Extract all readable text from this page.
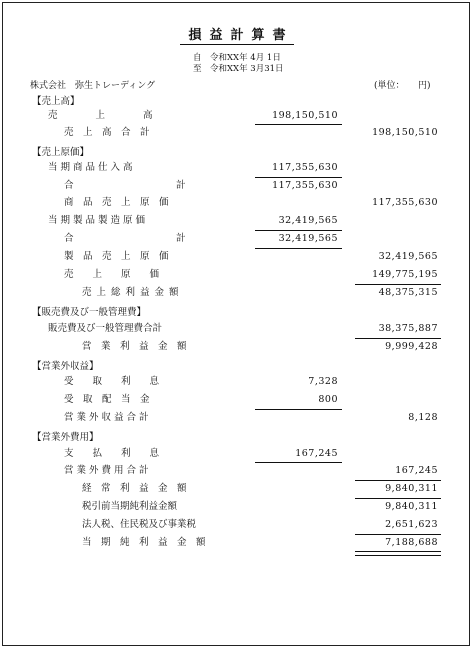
損益計算書
自　令和XX年 4月 1日
至　令和XX年 3月31日
株式会社　弥生トレーディング	(単位：　　円)
【売上高】
売　　　　上　　　　高	198,150,510
売　上　高　合　計	198,150,510
【売上原価】
当期商品仕入高	117,355,630
合	計	117,355,630
商　品　売　上　原　価	117,355,630
当期製品製造原価	32,419,565
合	計	32,419,565
製　品　売　上　原　価	32,419,565
売　　上　　原　　価	149,775,195
売上総利益金額	48,375,315
【販売費及び一般管理費】
販売費及び一般管理費合計	38,375,887
営　業　利　益　金　額	9,999,428
【営業外収益】
受　　取　　利　　息	7,328
受　取　配　当　金	800
営業外収益合計	8,128
【営業外費用】
支　　払　　利　　息	167,245
営業外費用合計	167,245
経　常　利　益　金　額	9,840,311
税引前当期純利益金額	9,840,311
法人税、住民税及び事業税	2,651,623
当　期　純　利　益　金　額	7,188,688
